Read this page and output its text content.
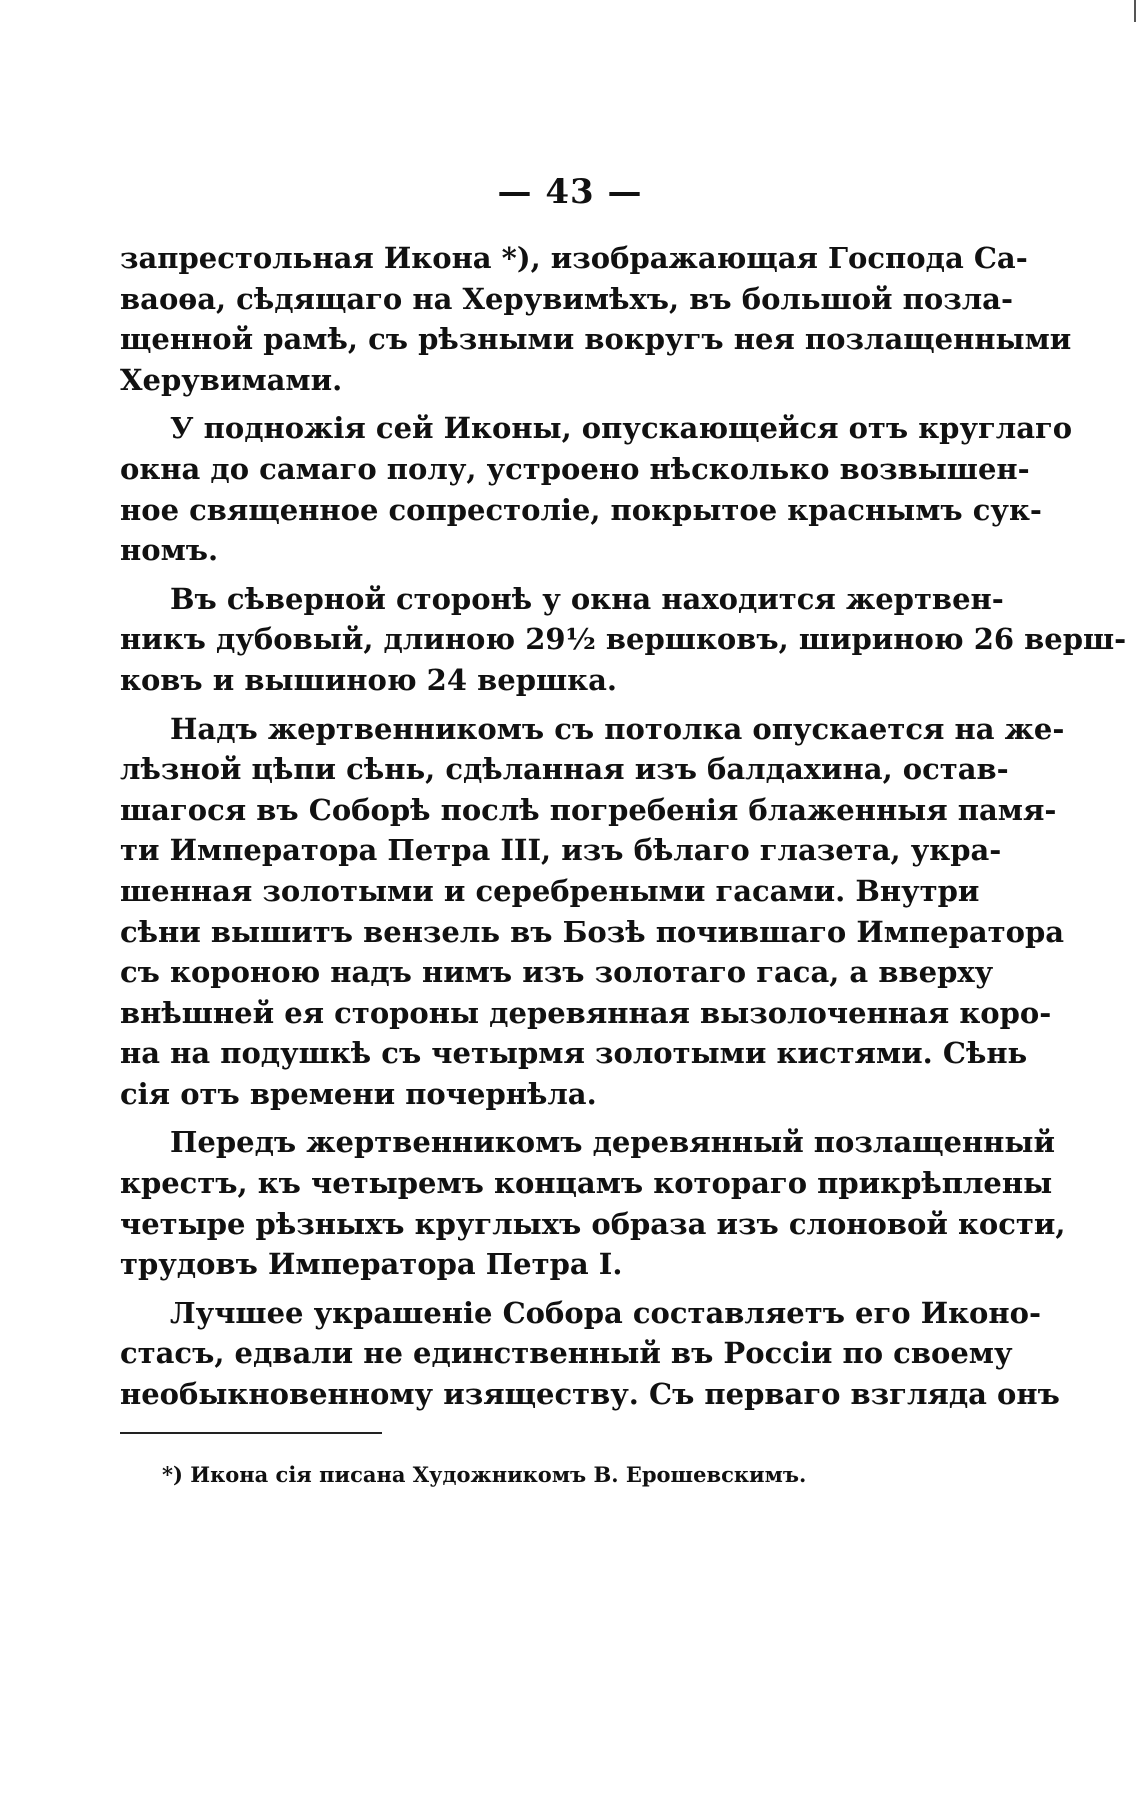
— 43 —
запрестольная Икона *), изображающая Господа Са-
ваоѳа, сѣдящаго на Херувимѣхъ, въ большой позла-
щенной рамѣ, съ рѣзными вокругъ нея позлащенными
Херувимами.
У подножія сей Иконы, опускающейся отъ круглаго
окна до самаго полу, устроено нѣсколько возвышен-
ное священное сопрестоліе, покрытое краснымъ сук-
номъ.
Въ сѣверной сторонѣ у окна находится жертвен-
никъ дубовый, длиною 29½ вершковъ, шириною 26 верш-
ковъ и вышиною 24 вершка.
Надъ жертвенникомъ съ потолка опускается на же-
лѣзной цѣпи сѣнь, сдѣланная изъ балдахина, остав-
шагося въ Соборѣ послѣ погребенія блаженныя памя-
ти Императора Петра III, изъ бѣлаго глазета, укра-
шенная золотыми и серебреными гасами. Внутри
сѣни вышитъ вензель въ Бозѣ почившаго Императора
съ короною надъ нимъ изъ золотаго гаса, а вверху
внѣшней ея стороны деревянная вызолоченная коро-
на на подушкѣ съ четырмя золотыми кистями. Сѣнь
сія отъ времени почернѣла.
Передъ жертвенникомъ деревянный позлащенный
крестъ, къ четыремъ концамъ котораго прикрѣплены
четыре рѣзныхъ круглыхъ образа изъ слоновой кости,
трудовъ Императора Петра I.
Лучшее украшеніе Собора составляетъ его Иконо-
стасъ, едвали не единственный въ Россіи по своему
необыкновенному изяществу. Съ перваго взгляда онъ
*) Икона сія писана Художникомъ В. Ерошевскимъ.
